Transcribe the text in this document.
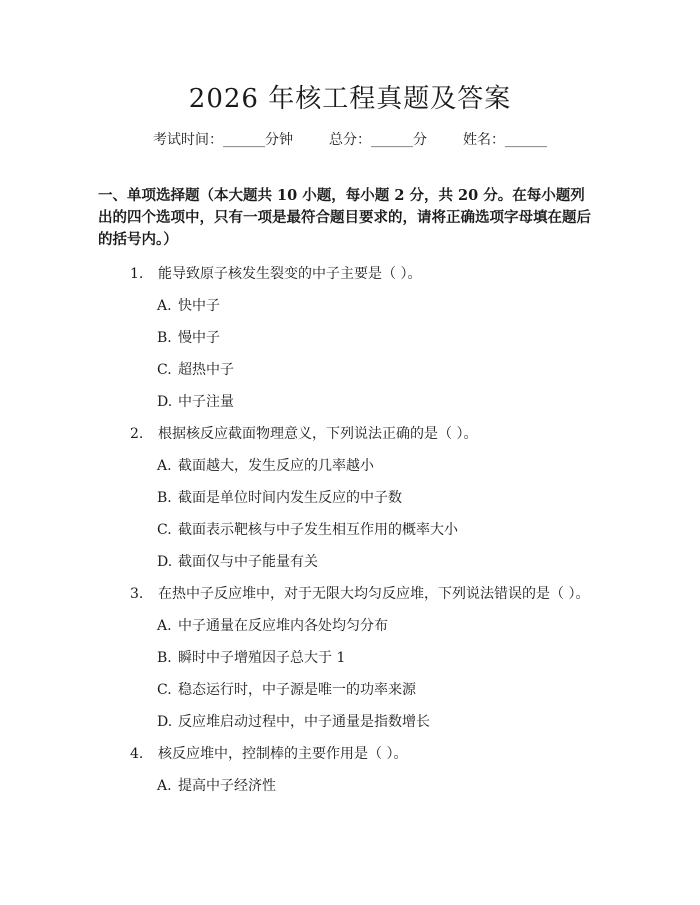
2026 年核工程真题及答案
考试时间：______分钟	总分：______分	姓名：______
一、单项选择题（本大题共 10 小题，每小题 2 分，共 20 分。在每小题列出的四个选项中，只有一项是最符合题目要求的，请将正确选项字母填在题后的括号内。）
1. 能导致原子核发生裂变的中子主要是（ ）。
A. 快中子
B. 慢中子
C. 超热中子
D. 中子注量
2. 根据核反应截面物理意义，下列说法正确的是（ ）。
A. 截面越大，发生反应的几率越小
B. 截面是单位时间内发生反应的中子数
C. 截面表示靶核与中子发生相互作用的概率大小
D. 截面仅与中子能量有关
3. 在热中子反应堆中，对于无限大均匀反应堆，下列说法错误的是（ ）。
A. 中子通量在反应堆内各处均匀分布
B. 瞬时中子增殖因子总大于 1
C. 稳态运行时，中子源是唯一的功率来源
D. 反应堆启动过程中，中子通量是指数增长
4. 核反应堆中，控制棒的主要作用是（ ）。
A. 提高中子经济性
